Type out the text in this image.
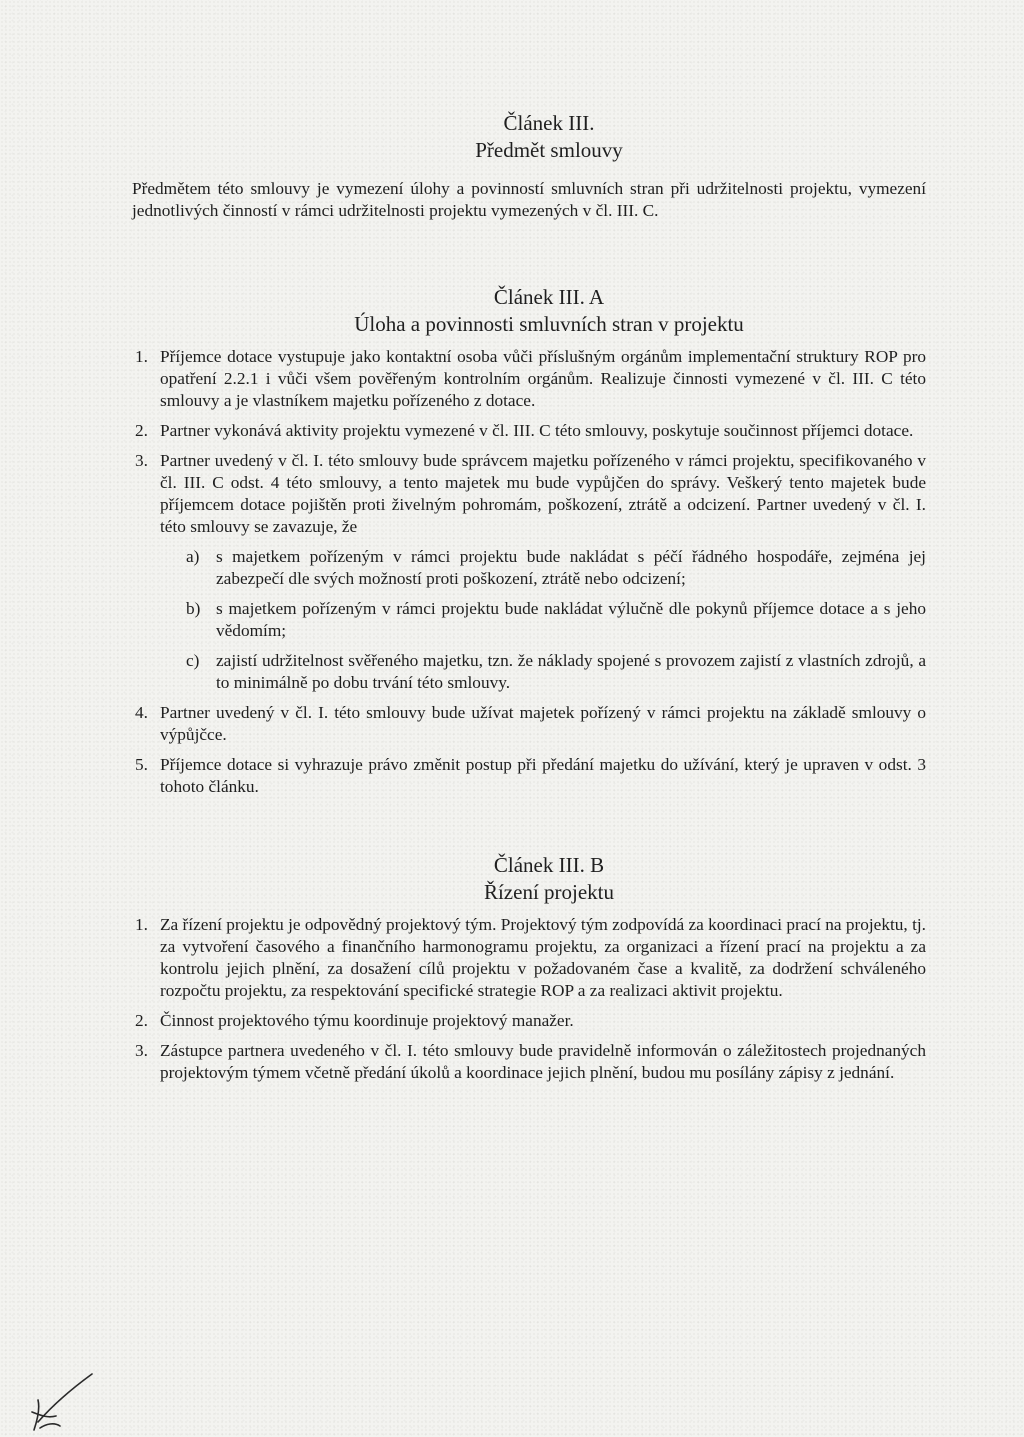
Článek III.
Předmět smlouvy

Předmětem této smlouvy je vymezení úlohy a povinností smluvních stran při udržitelnosti projektu, vymezení jednotlivých činností v rámci udržitelnosti projektu vymezených v čl. III. C.

Článek III. A
Úloha a povinnosti smluvních stran v projektu
1. Příjemce dotace vystupuje jako kontaktní osoba vůči příslušným orgánům implementační struktury ROP pro opatření 2.2.1 i vůči všem pověřeným kontrolním orgánům. Realizuje činnosti vymezené v čl. III. C této smlouvy a je vlastníkem majetku pořízeného z dotace.
2. Partner vykonává aktivity projektu vymezené v čl. III. C této smlouvy, poskytuje součinnost příjemci dotace.
3. Partner uvedený v čl. I. této smlouvy bude správcem majetku pořízeného v rámci projektu, specifikovaného v čl. III. C odst. 4 této smlouvy, a tento majetek mu bude vypůjčen do správy. Veškerý tento majetek bude příjemcem dotace pojištěn proti živelným pohromám, poškození, ztrátě a odcizení. Partner uvedený v čl. I. této smlouvy se zavazuje, že
a) s majetkem pořízeným v rámci projektu bude nakládat s péčí řádného hospodáře, zejména jej zabezpečí dle svých možností proti poškození, ztrátě nebo odcizení;
b) s majetkem pořízeným v rámci projektu bude nakládat výlučně dle pokynů příjemce dotace a s jeho vědomím;
c) zajistí udržitelnost svěřeného majetku, tzn. že náklady spojené s provozem zajistí z vlastních zdrojů, a to minimálně po dobu trvání této smlouvy.
4. Partner uvedený v čl. I. této smlouvy bude užívat majetek pořízený v rámci projektu na základě smlouvy o výpůjčce.
5. Příjemce dotace si vyhrazuje právo změnit postup při předání majetku do užívání, který je upraven v odst. 3 tohoto článku.
Článek III. B
Řízení projektu
1. Za řízení projektu je odpovědný projektový tým. Projektový tým zodpovídá za koordinaci prací na projektu, tj. za vytvoření časového a finančního harmonogramu projektu, za organizaci a řízení prací na projektu a za kontrolu jejich plnění, za dosažení cílů projektu v požadovaném čase a kvalitě, za dodržení schváleného rozpočtu projektu, za respektování specifické strategie ROP a za realizaci aktivit projektu.
2. Činnost projektového týmu koordinuje projektový manažer.
3. Zástupce partnera uvedeného v čl. I. této smlouvy bude pravidelně informován o záležitostech projednaných projektovým týmem včetně předání úkolů a koordinace jejich plnění, budou mu posílány zápisy z jednání.
